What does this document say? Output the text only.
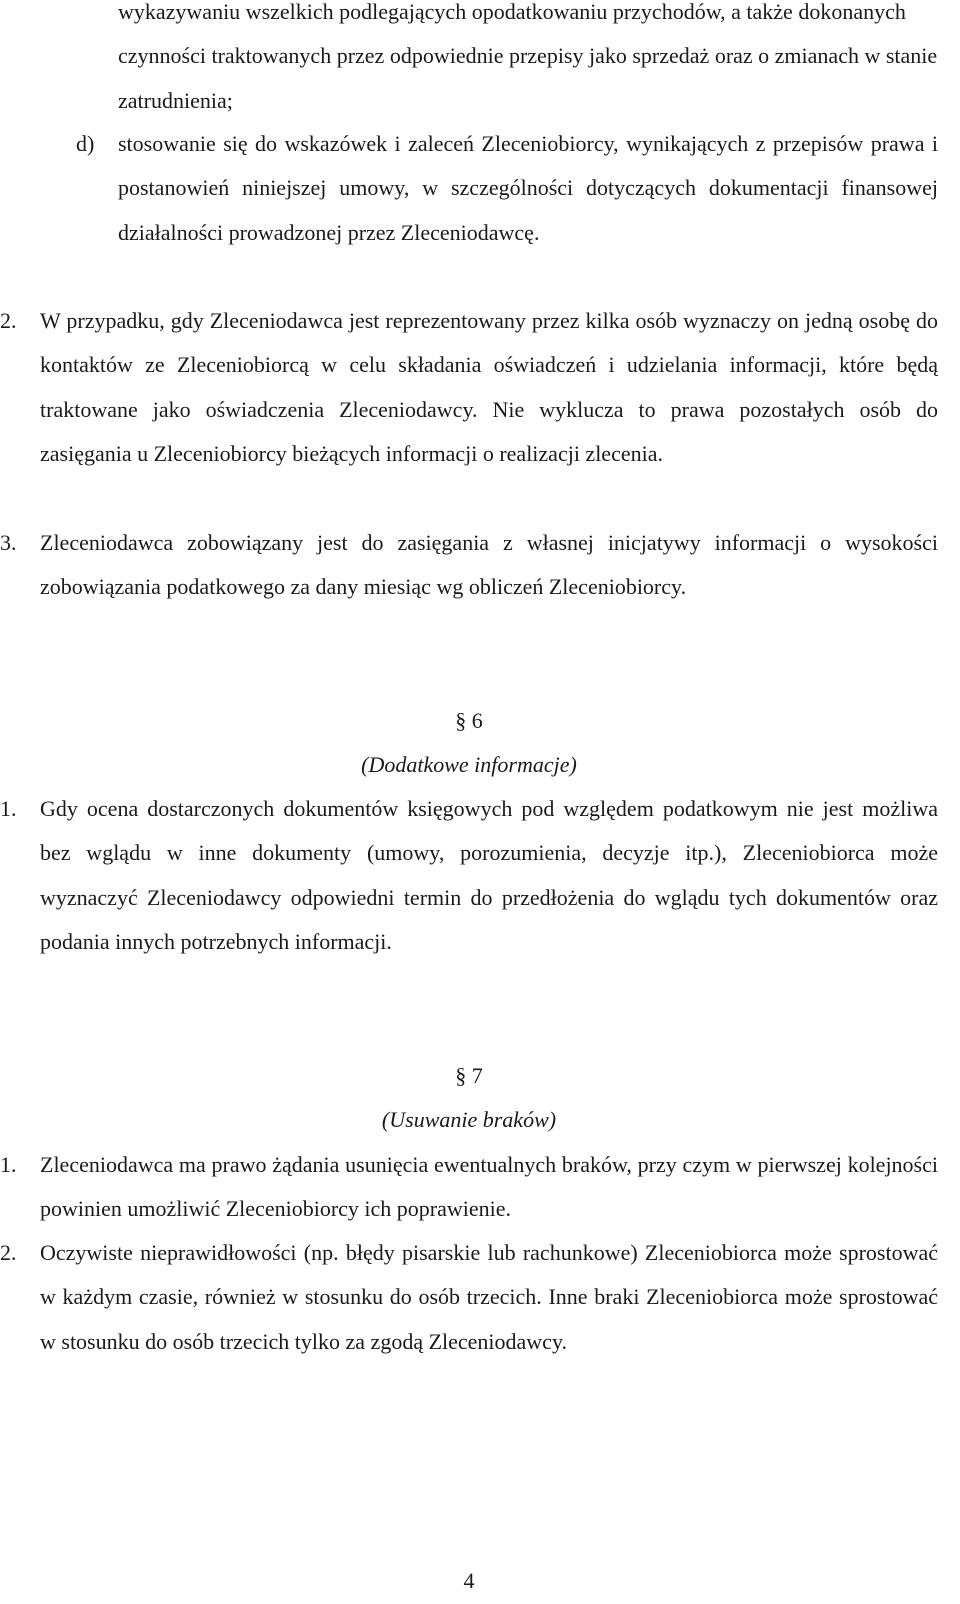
wykazywaniu wszelkich podlegających opodatkowaniu przychodów, a także dokonanych czynności traktowanych przez odpowiednie przepisy jako sprzedaż oraz o zmianach w stanie zatrudnienia;
d) stosowanie się do wskazówek i zaleceń Zleceniobiorcy, wynikających z przepisów prawa i postanowień niniejszej umowy, w szczególności dotyczących dokumentacji finansowej działalności prowadzonej przez Zleceniodawcę.
2. W przypadku, gdy Zleceniodawca jest reprezentowany przez kilka osób wyznaczy on jedną osobę do kontaktów ze Zleceniobiorcą w celu składania oświadczeń i udzielania informacji, które będą traktowane jako oświadczenia Zleceniodawcy. Nie wyklucza to prawa pozostałych osób do zasięgania u Zleceniobiorcy bieżących informacji o realizacji zlecenia.
3. Zleceniodawca zobowiązany jest do zasięgania z własnej inicjatywy informacji o wysokości zobowiązania podatkowego za dany miesiąc wg obliczeń Zleceniobiorcy.
§ 6
(Dodatkowe informacje)
1. Gdy ocena dostarczonych dokumentów księgowych pod względem podatkowym nie jest możliwa bez wglądu w inne dokumenty (umowy, porozumienia, decyzje itp.), Zleceniobiorca może wyznaczyć Zleceniodawcy odpowiedni termin do przedłożenia do wglądu tych dokumentów oraz podania innych potrzebnych informacji.
§ 7
(Usuwanie braków)
1. Zleceniodawca ma prawo żądania usunięcia ewentualnych braków, przy czym w pierwszej kolejności powinien umożliwić Zleceniobiorcy ich poprawienie.
2. Oczywiste nieprawidłowości (np. błędy pisarskie lub rachunkowe) Zleceniobiorca może sprostować w każdym czasie, również w stosunku do osób trzecich. Inne braki Zleceniobiorca może sprostować w stosunku do osób trzecich tylko za zgodą Zleceniodawcy.
4
